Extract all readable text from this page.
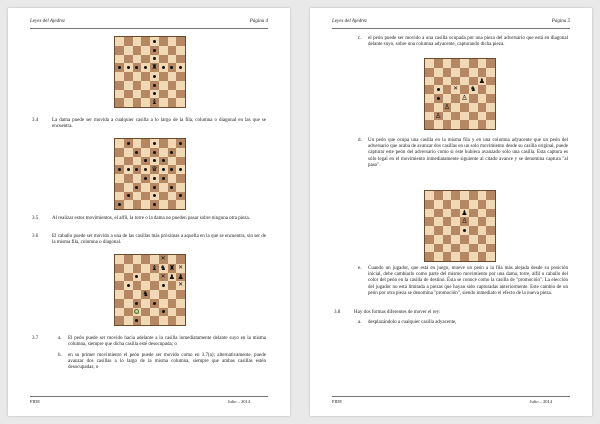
Leyes del Ajedrez	Página 4
♜
♝
3.4	La dama puede ser movida a cualquier casilla a lo largo de la fila, columna o diagonal en las que se encuentra.
♛
3.5	Al realizar estos movimientos, el alfil, la torre o la dama no pueden pasar sobre ninguna otra pieza.
3.6	El caballo puede ser movido a una de las casillas más próximas a aquella en la que se encuentra, sin ser de la misma fila, columna o diagonal.
✕
♝ ♞ ♜ ✕
✕ ♟ ♟
✕
♞
♘
3.7	a. El peón puede ser movido hacia adelante a la casilla inmediatamente delante suyo en la misma columna, siempre que dicha casilla esté desocupada; o
b. en su primer movimiento el peón puede ser movido como en 3.7(a); alternativamente, puede avanzar dos casillas a lo largo de la misma columna, siempre que ambas casillas estén desocupadas; o
FIDE	Julio – 2014
Leyes del Ajedrez	Página 5
c. el peón puede ser movido a una casilla ocupada por una pieza del adversario que está en diagonal delante suyo, sobre una columna adyacente, capturando dicha pieza.
♟
✕ ♞
♙
♙
♙
d. Un peón que ocupa una casilla en la misma fila y en una columna adyacente que un peón del adversario que acaba de avanzar dos casillas en un solo movimiento desde su casilla original, puede capturar este peón del adversario como si éste hubiera avanzado sólo una casilla. Esta captura es sólo legal en el movimiento inmediatamente siguiente al citado avance y se denomina captura "al paso".
♟
♙
e. Cuando un jugador, que está en juego, mueve un peón a la fila más alejada desde su posición inicial, debe cambiarlo como parte del mismo movimiento por una dama, torre, alfil o caballo del color del peón en la casilla de destino. Ésta se conoce como la casilla de "promoción". La elección del jugador no está limitada a piezas que hayan sido capturadas anteriormente. Este cambio de un peón por otra pieza se denomina "promoción", siendo inmediato el efecto de la nueva pieza.
3.8	Hay dos formas diferentes de mover el rey:
a. desplazándolo a cualquier casilla adyacente,
FIDE	Julio – 2014
